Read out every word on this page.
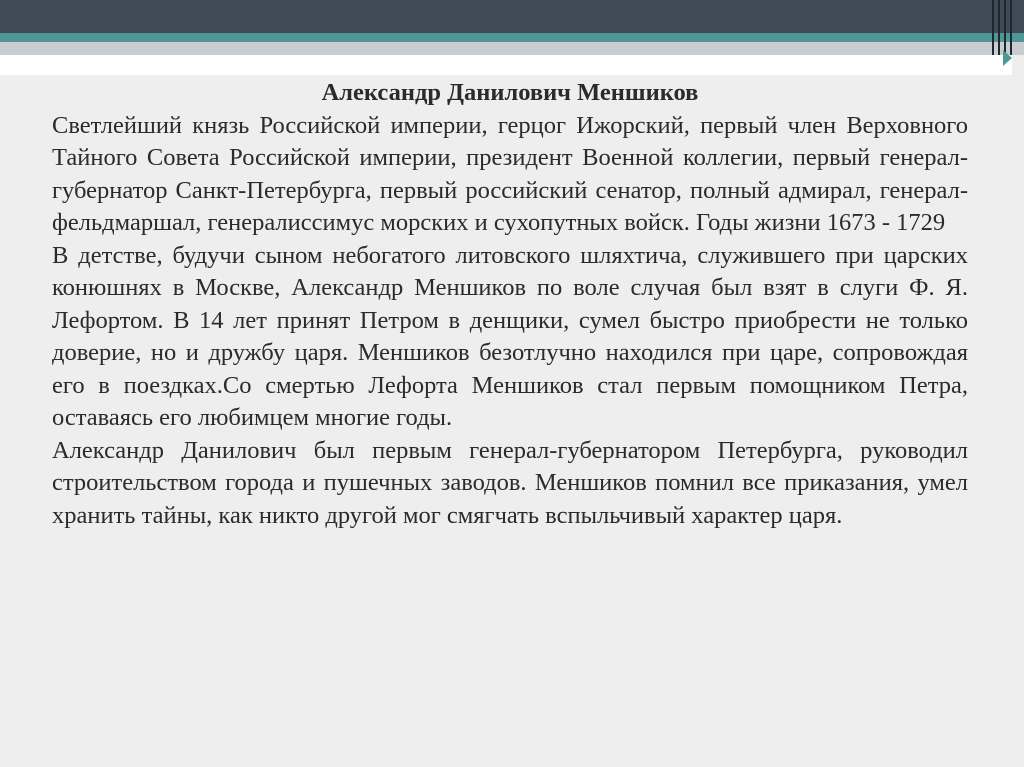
Александр Данилович Меншиков

Светлейший князь Российской империи, герцог Ижорский, первый член Верховного Тайного Совета Российской империи, президент Военной коллегии, первый генерал-губернатор Санкт-Петербурга, первый российский сенатор, полный адмирал, генерал-фельдмаршал, генералиссимус морских и сухопутных войск. Годы жизни 1673 - 1729

В детстве, будучи сыном небогатого литовского шляхтича, служившего при царских конюшнях в Москве, Александр Меншиков по воле случая был взят в слуги Ф. Я. Лефортом. В 14 лет принят Петром в денщики, сумел быстро приобрести не только доверие, но и дружбу царя. Меншиков безотлучно находился при царе, сопровождая его в поездках.Со смертью Лефорта Меншиков стал первым помощником Петра, оставаясь его любимцем многие годы.

Александр Данилович был первым генерал-губернатором Петербурга, руководил строительством города и пушечных заводов. Меншиков помнил все приказания, умел хранить тайны, как никто другой мог смягчать вспыльчивый характер царя.
